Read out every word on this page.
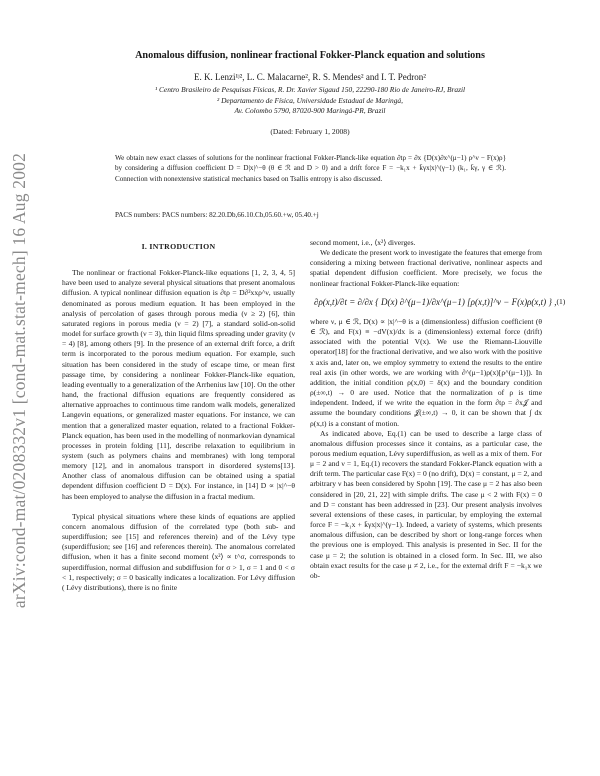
arXiv:cond-mat/0208332v1 [cond-mat.stat-mech] 16 Aug 2002
Anomalous diffusion, nonlinear fractional Fokker-Planck equation and solutions
E. K. Lenzi¹ʲ², L. C. Malacarne², R. S. Mendes² and I. T. Pedron²
¹ Centro Brasileiro de Pesquisas Físicas, R. Dr. Xavier Sigaud 150, 22290-180 Rio de Janeiro-RJ, Brazil
² Departamento de Física, Universidade Estadual de Maringá,
Av. Colombo 5790, 87020-900 Maringá-PR, Brazil
(Dated: February 1, 2008)
We obtain new exact classes of solutions for the nonlinear fractional Fokker-Planck-like equation ∂tρ = ∂x {D(x)∂x^(μ−1) ρ^ν − F(x)ρ} by considering a diffusion coefficient D = D|x|^−θ (θ ∈ ℛ and D > 0) and a drift force F = −k₁x + k̄γx|x|^(γ−1) (k₁, k̄γ, γ ∈ ℛ). Connection with nonextensive statistical mechanics based on Tsallis entropy is also discussed.
PACS numbers: PACS numbers: 82.20.Db,66.10.Cb,05.60.+w, 05.40.+j
I. INTRODUCTION

The nonlinear or fractional Fokker-Planck-like equations [1, 2, 3, 4, 5] have been used to analyze several physical situations that present anomalous diffusion. A typical nonlinear diffusion equation is ∂tρ = D∂²xxρ^ν, usually denominated as porous medium equation. It has been employed in the analysis of percolation of gases through porous media (ν ≥ 2) [6], thin saturated regions in porous media (ν = 2) [7], a standard solid-on-solid model for surface growth (ν = 3), thin liquid films spreading under gravity (ν = 4) [8], among others [9]. In the presence of an external drift force, a drift term is incorporated to the porous medium equation. For example, such situation has been considered in the study of escape time, or mean first passage time, by considering a nonlinear Fokker-Planck-like equation, leading eventually to a generalization of the Arrhenius law [10]. On the other hand, the fractional diffusion equations are frequently considered as alternative approaches to continuous time random walk models, generalized Langevin equations, or generalized master equations. For instance, we can mention that a generalized master equation, related to a fractional Fokker-Planck equation, has been used in the modelling of nonmarkovian dynamical processes in protein folding [11], describe relaxation to equilibrium in system (such as polymers chains and membranes) with long temporal memory [12], and in anomalous transport in disordered systems[13]. Another class of anomalous diffusion can be obtained using a spatial dependent diffusion coefficient D = D(x). For instance, in [14] D ∝ |x|^−θ has been employed to analyse the diffusion in a fractal medium.

Typical physical situations where these kinds of equations are applied concern anomalous diffusion of the correlated type (both sub- and superdiffusion; see [15] and references therein) and of the Lévy type (superdiffusion; see [16] and references therein). The anomalous correlated diffusion, when it has a finite second moment ⟨x²⟩ ∝ t^σ, corresponds to superdiffusion, normal diffusion and subdiffusion for σ > 1, σ = 1 and 0 < σ < 1, respectively; σ = 0 basically indicates a localization. For Lévy diffusion ( Lévy distributions), there is no finite

second moment, i.e., ⟨x²⟩ diverges.

We dedicate the present work to investigate the features that emerge from considering a mixing between fractional derivative, nonlinear aspects and spatial dependent diffusion coefficient. More precisely, we focus the nonlinear fractional Fokker-Planck-like equation:

∂ρ(x,t)/∂t = ∂/∂x { D(x) ∂^(μ−1)/∂x^(μ−1) [ρ(x,t)]^ν − F(x)ρ(x,t) } , (1)

where ν, μ ∈ ℛ, D(x) ∝ |x|^−θ is a (dimensionless) diffusion coefficient (θ ∈ ℛ), and F(x) ≡ −dV(x)/dx is a (dimensionless) external force (drift) associated with the potential V(x). We use the Riemann-Liouville operator[18] for the fractional derivative, and we also work with the positive x axis and, later on, we employ symmetry to extend the results to the entire real axis (in other words, we are working with ∂^(μ−1)ρ(x)[ρ^(μ−1)]). In addition, the initial condition ρ(x,0) = δ(x) and the boundary condition ρ(±∞,t) → 0 are used. Notice that the normalization of ρ is time independent. Indeed, if we write the equation in the form ∂tρ = ∂x𝒥 and assume the boundary conditions 𝒥(±∞,t) → 0, it can be shown that ∫ dx ρ(x,t) is a constant of motion.

As indicated above, Eq.(1) can be used to describe a large class of anomalous diffusion processes since it contains, as a particular case, the porous medium equation, Lévy superdiffusion, as well as a mix of them. For μ = 2 and ν = 1, Eq.(1) recovers the standard Fokker-Planck equation with a drift term. The particular case F(x) = 0 (no drift), D(x) = constant, μ = 2, and arbitrary ν has been considered by Spohn [19]. The case μ = 2 has also been considered in [20, 21, 22] with simple drifts. The case μ < 2 with F(x) = 0 and D = constant has been addressed in [23]. Our present analysis involves several extensions of these cases, in particular, by employing the external force F = −k₁x + k̄γx|x|^(γ−1). Indeed, a variety of systems, which presents anomalous diffusion, can be described by short or long-range forces when the previous one is employed. This analysis is presented in Sec. II for the case μ = 2; the solution is obtained in a closed form. In Sec. III, we also obtain exact results for the case μ ≠ 2, i.e., for the external drift F = −k₁x we ob-
